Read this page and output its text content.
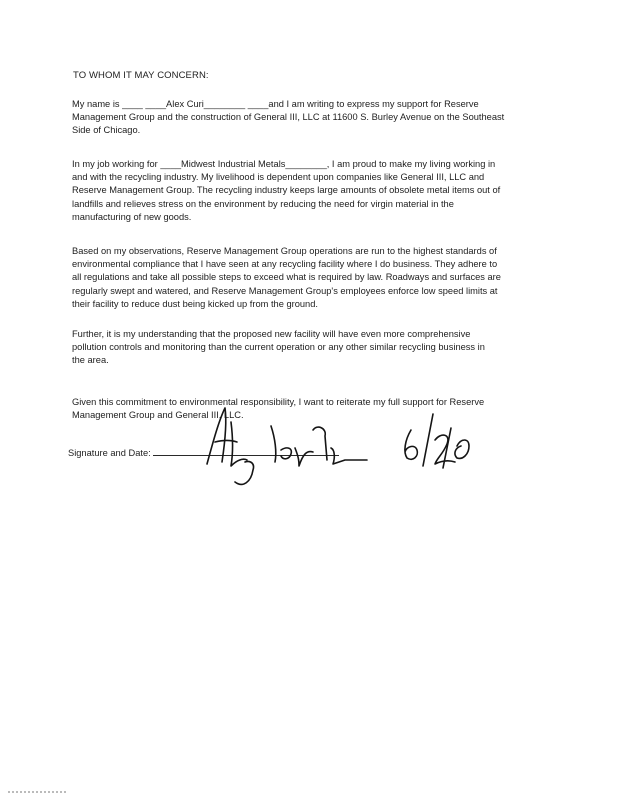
TO WHOM IT MAY CONCERN:

My name is ____ ____Alex Curi________ ____and I am writing to express my support for Reserve
Management Group and the construction of General III, LLC at 11600 S. Burley Avenue on the Southeast
Side of Chicago.

In my job working for ____Midwest Industrial Metals________, I am proud to make my living working in
and with the recycling industry. My livelihood is dependent upon companies like General III, LLC and
Reserve Management Group. The recycling industry keeps large amounts of obsolete metal items out of
landfills and relieves stress on the environment by reducing the need for virgin material in the
manufacturing of new goods.

Based on my observations, Reserve Management Group operations are run to the highest standards of
environmental compliance that I have seen at any recycling facility where I do business. They adhere to
all regulations and take all possible steps to exceed what is required by law. Roadways and surfaces are
regularly swept and watered, and Reserve Management Group's employees enforce low speed limits at
their facility to reduce dust being kicked up from the ground.

Further, it is my understanding that the proposed new facility will have even more comprehensive
pollution controls and monitoring than the current operation or any other similar recycling business in
the area.

Given this commitment to environmental responsibility, I want to reiterate my full support for Reserve
Management Group and General III, LLC.

Signature and Date:
